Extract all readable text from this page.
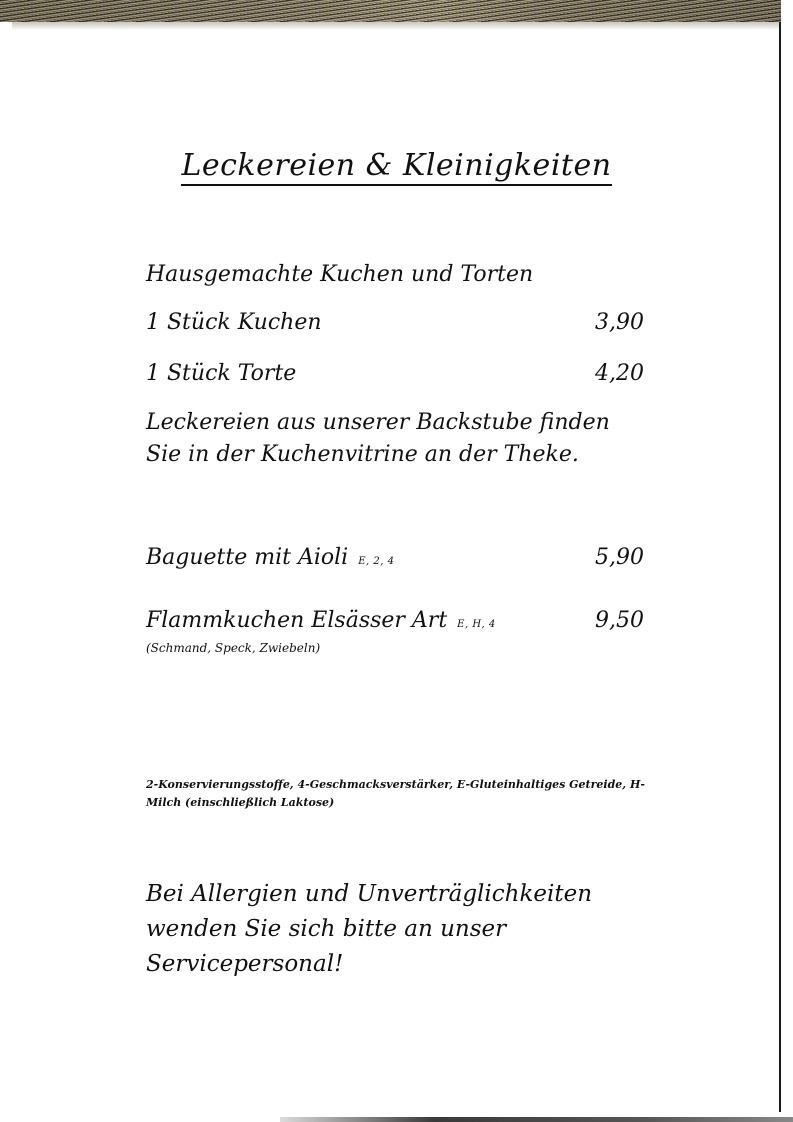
Leckereien & Kleinigkeiten
Hausgemachte Kuchen und Torten
1 Stück Kuchen	3,90
1 Stück Torte	4,20
Leckereien aus unserer Backstube finden Sie in der Kuchenvitrine an der Theke.
Baguette mit Aioli E, 2, 4	5,90
Flammkuchen Elsässer Art E, H, 4	9,50
(Schmand, Speck, Zwiebeln)
2-Konservierungsstoffe, 4-Geschmacksverstärker, E-Gluteinhaltiges Getreide, H-Milch (einschließlich Laktose)
Bei Allergien und Unverträglichkeiten wenden Sie sich bitte an unser Servicepersonal!
